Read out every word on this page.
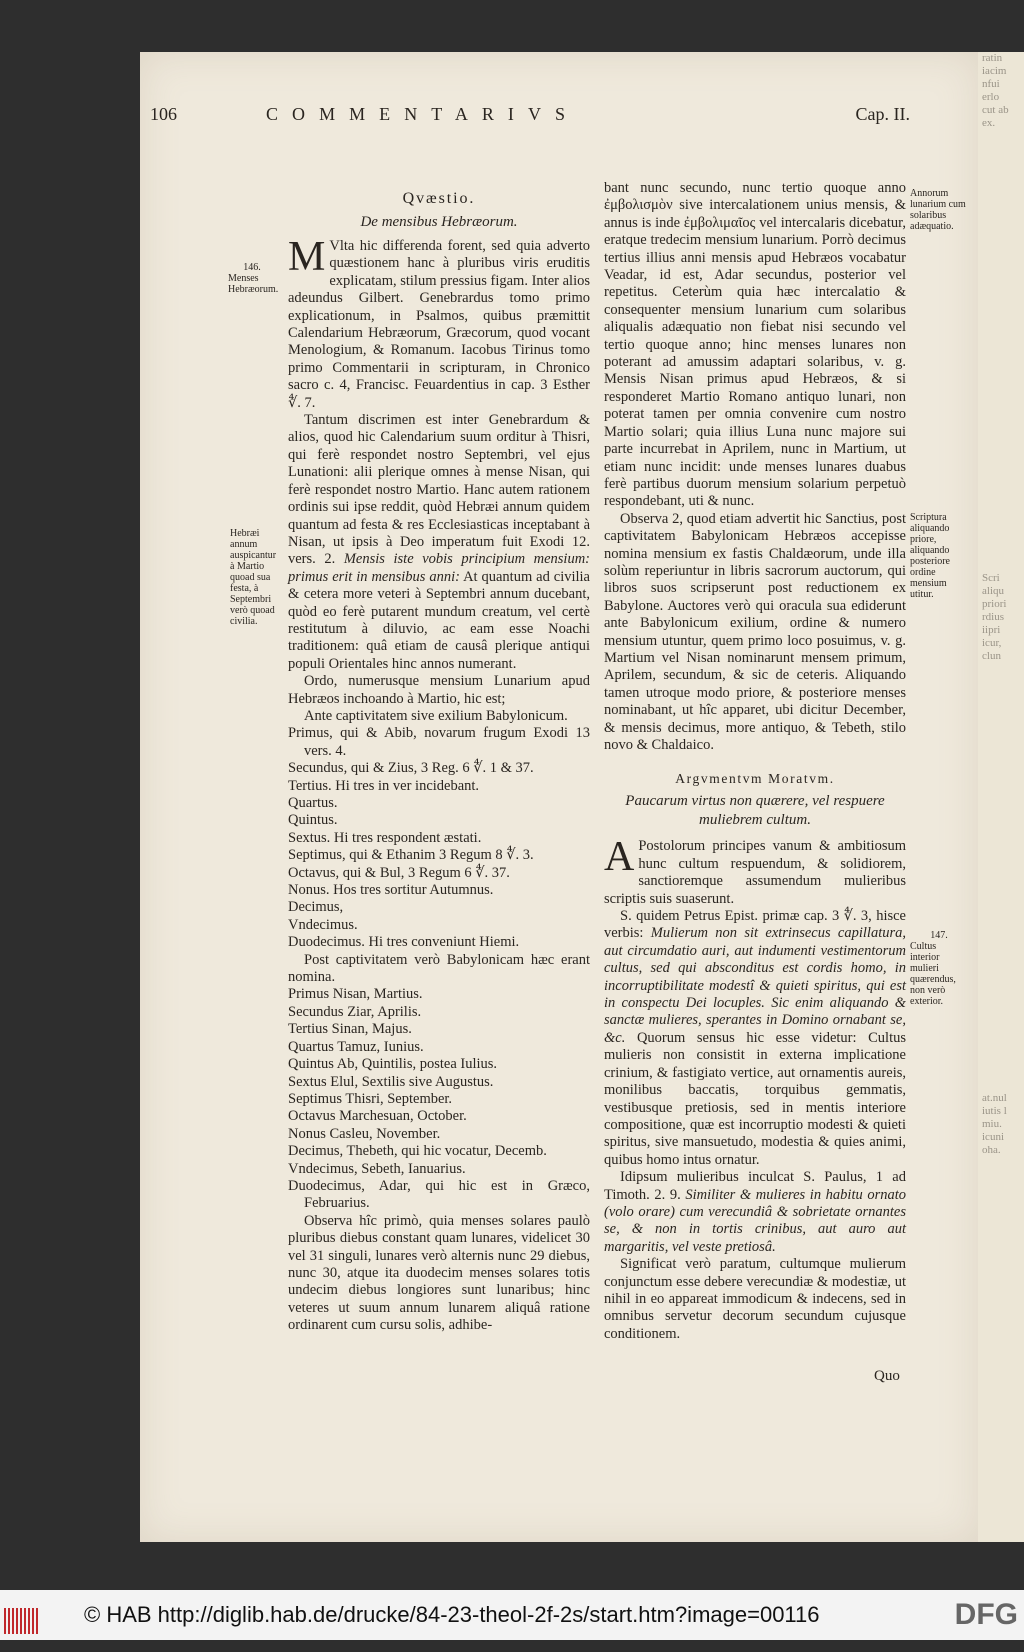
ratin
iacim
nfui
erlo
cut ab
ex.

Scri
aliqu
priori
rdius
iipri
icur,
clun

at.nul
iutis l
miu.
icuni
oha.
106	COMMENTARIVS	Cap. II.
146.
Menses Hebræorum.
Hebræi annum auspicantur à Martio quoad sua festa, à Septembri verò quoad civilia.
Annorum lunarium cum solaribus adæquatio.
Scriptura aliquando priore, aliquando posteriore ordine mensium utitur.
147.
Cultus interior mulieri quærendus, non verò exterior.

Qvæstio.

De mensibus Hebræorum.

M Vlta hic differenda forent, sed quia adverto quæstionem hanc à pluribus viris eruditis explicatam, stilum pressius figam. Inter alios adeundus Gilbert. Genebrardus tomo primo explicationum, in Psalmos, quibus præmittit Calendarium Hebræorum, Græcorum, quod vocant Menologium, & Romanum. Iacobus Tirinus tomo primo Commentarii in scripturam, in Chronico sacro c. 4, Francisc. Feuardentius in cap. 3 Esther ∜. 7.

Tantum discrimen est inter Genebrardum & alios, quod hic Calendarium suum orditur à Thisri, qui ferè respondet nostro Septembri, vel ejus Lunationi: alii plerique omnes à mense Nisan, qui ferè respondet nostro Martio. Hanc autem rationem ordinis sui ipse reddit, quòd Hebræi annum quidem quantum ad festa & res Ecclesiasticas inceptabant à Nisan, ut ipsis à Deo imperatum fuit Exodi 12. vers. 2. Mensis iste vobis principium mensium: primus erit in mensibus anni: At quantum ad civilia & cetera more veteri à Septembri annum ducebant, quòd eo ferè putarent mundum creatum, vel certè restitutum à diluvio, ac eam esse Noachi traditionem: quâ etiam de causâ plerique antiqui populi Orientales hinc annos numerant.

Ordo, numerusque mensium Lunarium apud Hebræos inchoando à Martio, hic est;

Ante captivitatem sive exilium Babylonicum.

Primus, qui & Abib, novarum frugum Exodi 13 vers. 4.

Secundus, qui & Zius, 3 Reg. 6 ∜. 1 & 37.

Tertius. Hi tres in ver incidebant.

Quartus.

Quintus.

Sextus. Hi tres respondent æstati.

Septimus, qui & Ethanim 3 Regum 8 ∜. 3.

Octavus, qui & Bul, 3 Regum 6 ∜. 37.

Nonus. Hos tres sortitur Autumnus.

Decimus,

Vndecimus.

Duodecimus. Hi tres conveniunt Hiemi.

Post captivitatem verò Babylonicam hæc erant nomina.

Primus Nisan, Martius.

Secundus Ziar, Aprilis.

Tertius Sinan, Majus.

Quartus Tamuz, Iunius.

Quintus Ab, Quintilis, postea Iulius.

Sextus Elul, Sextilis sive Augustus.

Septimus Thisri, September.

Octavus Marchesuan, October.

Nonus Casleu, November.

Decimus, Thebeth, qui hic vocatur, Decemb.

Vndecimus, Sebeth, Ianuarius.

Duodecimus, Adar, qui hic est in Græco, Februarius.

Observa hîc primò, quia menses solares paulò pluribus diebus constant quam lunares, videlicet 30 vel 31 singuli, lunares verò alternis nunc 29 diebus, nunc 30, atque ita duodecim menses solares totis undecim diebus longiores sunt lunaribus; hinc veteres ut suum annum lunarem aliquâ ratione ordinarent cum cursu solis, adhibe-

bant nunc secundo, nunc tertio quoque anno ἐμβολισμὸν sive intercalationem unius mensis, & annus is inde ἐμβολιμαῖος vel intercalaris dicebatur, eratque tredecim mensium lunarium. Porrò decimus tertius illius anni mensis apud Hebræos vocabatur Veadar, id est, Adar secundus, posterior vel repetitus. Ceterùm quia hæc intercalatio & consequenter mensium lunarium cum solaribus aliqualis adæquatio non fiebat nisi secundo vel tertio quoque anno; hinc menses lunares non poterant ad amussim adaptari solaribus, v. g. Mensis Nisan primus apud Hebræos, & si responderet Martio Romano antiquo lunari, non poterat tamen per omnia convenire cum nostro Martio solari; quia illius Luna nunc majore sui parte incurrebat in Aprilem, nunc in Martium, ut etiam nunc incidit: unde menses lunares duabus ferè partibus duorum mensium solarium perpetuò respondebant, uti & nunc.

Observa 2, quod etiam advertit hic Sanctius, post captivitatem Babylonicam Hebræos accepisse nomina mensium ex fastis Chaldæorum, unde illa solùm reperiuntur in libris sacrorum auctorum, qui libros suos scripserunt post reductionem ex Babylone. Auctores verò qui oracula sua ediderunt ante Babylonicum exilium, ordine & numero mensium utuntur, quem primo loco posuimus, v. g. Martium vel Nisan nominarunt mensem primum, Aprilem, secundum, & sic de ceteris. Aliquando tamen utroque modo priore, & posteriore menses nominabant, ut hîc apparet, ubi dicitur December, & mensis decimus, more antiquo, & Tebeth, stilo novo & Chaldaico.

Argvmentvm Moratvm.

Paucarum virtus non quærere, vel respuere muliebrem cultum.

A Postolorum principes vanum & ambitiosum hunc cultum respuendum, & solidiorem, sanctioremque assumendum mulieribus scriptis suis suaserunt.

S. quidem Petrus Epist. primæ cap. 3 ∜. 3, hisce verbis: Mulierum non sit extrinsecus capillatura, aut circumdatio auri, aut indumenti vestimentorum cultus, sed qui absconditus est cordis homo, in incorruptibilitate modestî & quieti spiritus, qui est in conspectu Dei locuples. Sic enim aliquando & sanctæ mulieres, sperantes in Domino ornabant se, &c. Quorum sensus hic esse videtur: Cultus mulieris non consistit in externa implicatione crinium, & fastigiato vertice, aut ornamentis aureis, monilibus baccatis, torquibus gemmatis, vestibusque pretiosis, sed in mentis interiore compositione, quæ est incorruptio modesti & quieti spiritus, sive mansuetudo, modestia & quies animi, quibus homo intus ornatur.

Idipsum mulieribus inculcat S. Paulus, 1 ad Timoth. 2. 9. Similiter & mulieres in habitu ornato (volo orare) cum verecundiâ & sobrietate ornantes se, & non in tortis crinibus, aut auro aut margaritis, vel veste pretiosâ.

Significat verò paratum, cultumque mulierum conjunctum esse debere verecundiæ & modestiæ, ut nihil in eo appareat immodicum & indecens, sed in omnibus servetur decorum secundum cujusque conditionem.

Quo
© HAB http://diglib.hab.de/drucke/84-23-theol-2f-2s/start.htm?image=00116	DFG
